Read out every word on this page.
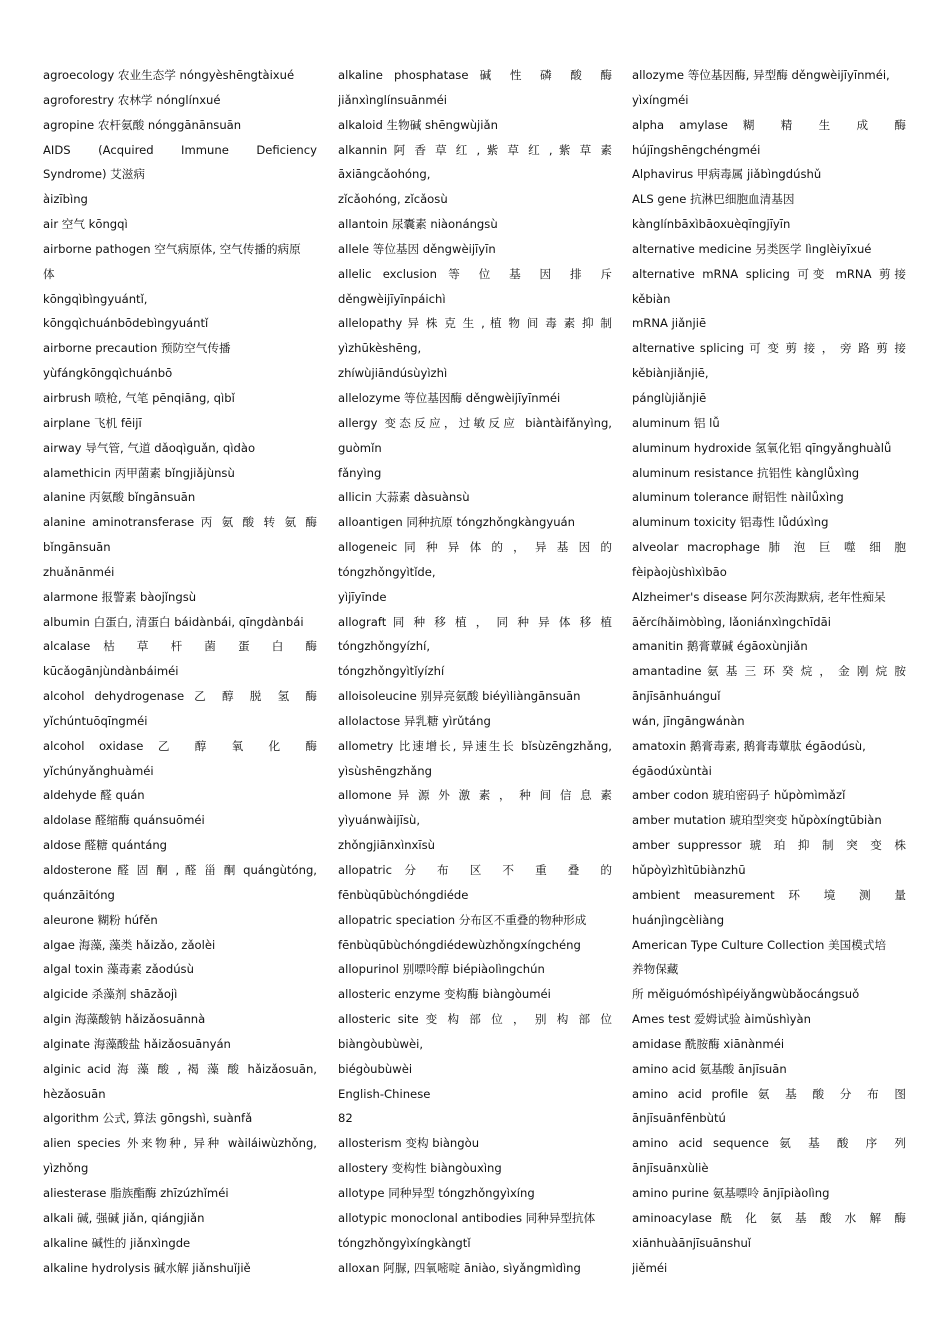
agroecology 农业生态学 nóngyèshēngtàixué
agroforestry 农林学 nónglínxué
agropine 农杆氨酸 nónggānānsuān
AIDS (Acquired Immune Deficiency
Syndrome) 艾滋病
àizībìng
air 空气 kōngqì
airborne pathogen 空气病原体, 空气传播的病原
体
kōngqìbìngyuántǐ,
kōngqìchuánbōdebìngyuántǐ
airborne precaution 预防空气传播
yùfángkōngqìchuánbō
airbrush 喷枪, 气笔 pēnqiāng, qìbǐ
airplane 飞机 fēijī
airway 导气管, 气道 dǎoqìguǎn, qìdào
alamethicin 丙甲菌素 bǐngjiǎjùnsù
alanine 丙氨酸 bǐngānsuān
alanine aminotransferase 丙 氨 酸 转 氨 酶
bǐngānsuān
zhuǎnānméi
alarmone 报警素 bàojǐngsù
albumin 白蛋白, 清蛋白 báidànbái, qīngdànbái
alcalase 枯 草 杆 菌 蛋 白 酶
kūcǎogānjùndànbáiméi
alcohol dehydrogenase 乙 醇 脱 氢 酶
yǐchúntuōqīngméi
alcohol oxidase 乙 醇 氧 化 酶
yǐchúnyǎnghuàméi
aldehyde 醛 quán
aldolase 醛缩酶 quánsuōméi
aldose 醛糖 quántáng
aldosterone 醛 固 酮 , 醛 甾 酮 quángùtóng,
quánzāitóng
aleurone 糊粉 húfěn
algae 海藻, 藻类 hǎizǎo, zǎolèi
algal toxin 藻毒素 zǎodúsù
algicide 杀藻剂 shāzǎojì
algin 海藻酸钠 hǎizǎosuānnà
alginate 海藻酸盐 hǎizǎosuānyán
alginic acid 海 藻 酸 , 褐 藻 酸 hǎizǎosuān,
hèzǎosuān
algorithm 公式, 算法 gōngshì, suànfǎ
alien species 外来物种, 异种 wàiláiwùzhǒng,
yìzhǒng
aliesterase 脂族酯酶 zhīzúzhǐméi
alkali 碱, 强碱 jiǎn, qiángjiǎn
alkaline 碱性的 jiǎnxìngde
alkaline hydrolysis 碱水解 jiǎnshuǐjiě
alkaline phosphatase 碱 性 磷 酸 酶
jiǎnxìnglínsuānméi
alkaloid 生物碱 shēngwùjiǎn
alkannin 阿 香 草 红 , 紫 草 红 , 紫 草 素
āxiāngcǎohóng,
zǐcǎohóng, zǐcǎosù
allantoin 尿囊素 niàonángsù
allele 等位基因 děngwèijīyīn
allelic exclusion 等 位 基 因 排 斥
děngwèijīyīnpáichì
allelopathy 异 株 克 生 , 植 物 间 毒 素 抑 制
yìzhūkèshēng,
zhíwùjiāndúsùyìzhì
allelozyme 等位基因酶 děngwèijīyīnméi
allergy 变态反应，过敏反应 biàntàifǎnyìng,
guòmǐn
fǎnyìng
allicin 大蒜素 dàsuànsù
alloantigen 同种抗原 tóngzhǒngkàngyuán
allogeneic 同 种 异 体 的 ， 异 基 因 的
tóngzhǒngyìtǐde,
yìjīyīnde
allograft 同 种 移 植 ， 同 种 异 体 移 植
tóngzhǒngyízhí,
tóngzhǒngyìtǐyízhí
alloisoleucine 别异亮氨酸 biéyìliàngānsuān
allolactose 异乳糖 yìrǔtáng
allometry 比速增长, 异速生长 bǐsùzēngzhǎng,
yìsùshēngzhǎng
allomone 异 源 外 激 素 ， 种 间 信 息 素
yìyuánwàijīsù,
zhǒngjiānxìnxīsù
allopatric 分 布 区 不 重 叠 的
fēnbùqūbùchóngdiéde
allopatric speciation 分布区不重叠的物种形成
fēnbùqūbùchóngdiédewùzhǒngxíngchéng
allopurinol 别嘌呤醇 biépiàolìngchún
allosteric enzyme 变构酶 biàngòuméi
allosteric site 变 构 部 位 ， 别 构 部 位
biàngòubùwèi,
biégòubùwèi
English-Chinese
82
allosterism 变构 biàngòu
allostery 变构性 biàngòuxìng
allotype 同种异型 tóngzhǒngyìxíng
allotypic monoclonal antibodies 同种异型抗体
tóngzhǒngyìxíngkàngtǐ
alloxan 阿脲, 四氧嘧啶 āniào, sìyǎngmìdìng
allozyme 等位基因酶, 异型酶 děngwèijīyīnméi,
yìxíngméi
alpha amylase 糊 精 生 成 酶
hújīngshēngchéngméi
Alphavirus 甲病毒属 jiǎbìngdúshǔ
ALS gene 抗淋巴细胞血清基因
kànglínbāxìbāoxuèqīngjīyīn
alternative medicine 另类医学 lìnglèiyīxué
alternative mRNA splicing 可变 mRNA 剪接
kěbiàn
mRNA jiǎnjiē
alternative splicing 可 变 剪 接 ， 旁 路 剪 接
kěbiànjiǎnjiē,
pánglùjiǎnjiē
aluminum 铝 lǚ
aluminum hydroxide 氢氧化铝 qīngyǎnghuàlǚ
aluminum resistance 抗铝性 kànglǚxìng
aluminum tolerance 耐铝性 nàilǚxìng
aluminum toxicity 铝毒性 lǚdúxìng
alveolar macrophage 肺 泡 巨 噬 细 胞
fèipàojùshìxìbāo
Alzheimer's disease 阿尔茨海默病, 老年性痴呆
āěrcíhǎimòbìng, lǎoniánxìngchīdāi
amanitin 鹅膏蕈碱 égāoxùnjiǎn
amantadine 氨 基 三 环 癸 烷 ， 金 刚 烷 胺
ānjīsānhuánguǐ
wán, jīngāngwánàn
amatoxin 鹅膏毒素, 鹅膏毒蕈肽 égāodúsù,
égāodúxùntài
amber codon 琥珀密码子 hǔpòmìmǎzǐ
amber mutation 琥珀型突变 hǔpòxíngtūbiàn
amber suppressor 琥 珀 抑 制 突 变 株
hǔpòyìzhìtūbiànzhū
ambient measurement 环 境 测 量
huánjìngcèliàng
American Type Culture Collection 美国模式培
养物保藏
所 měiguómóshìpéiyǎngwùbǎocángsuǒ
Ames test 爱姆试验 àimǔshìyàn
amidase 酰胺酶 xiānànméi
amino acid 氨基酸 ānjīsuān
amino acid profile 氨 基 酸 分 布 图
ānjīsuānfēnbùtú
amino acid sequence 氨 基 酸 序 列
ānjīsuānxùliè
amino purine 氨基嘌呤 ānjīpiàolìng
aminoacylase 酰 化 氨 基 酸 水 解 酶
xiānhuàānjīsuānshuǐ
jiěméi
